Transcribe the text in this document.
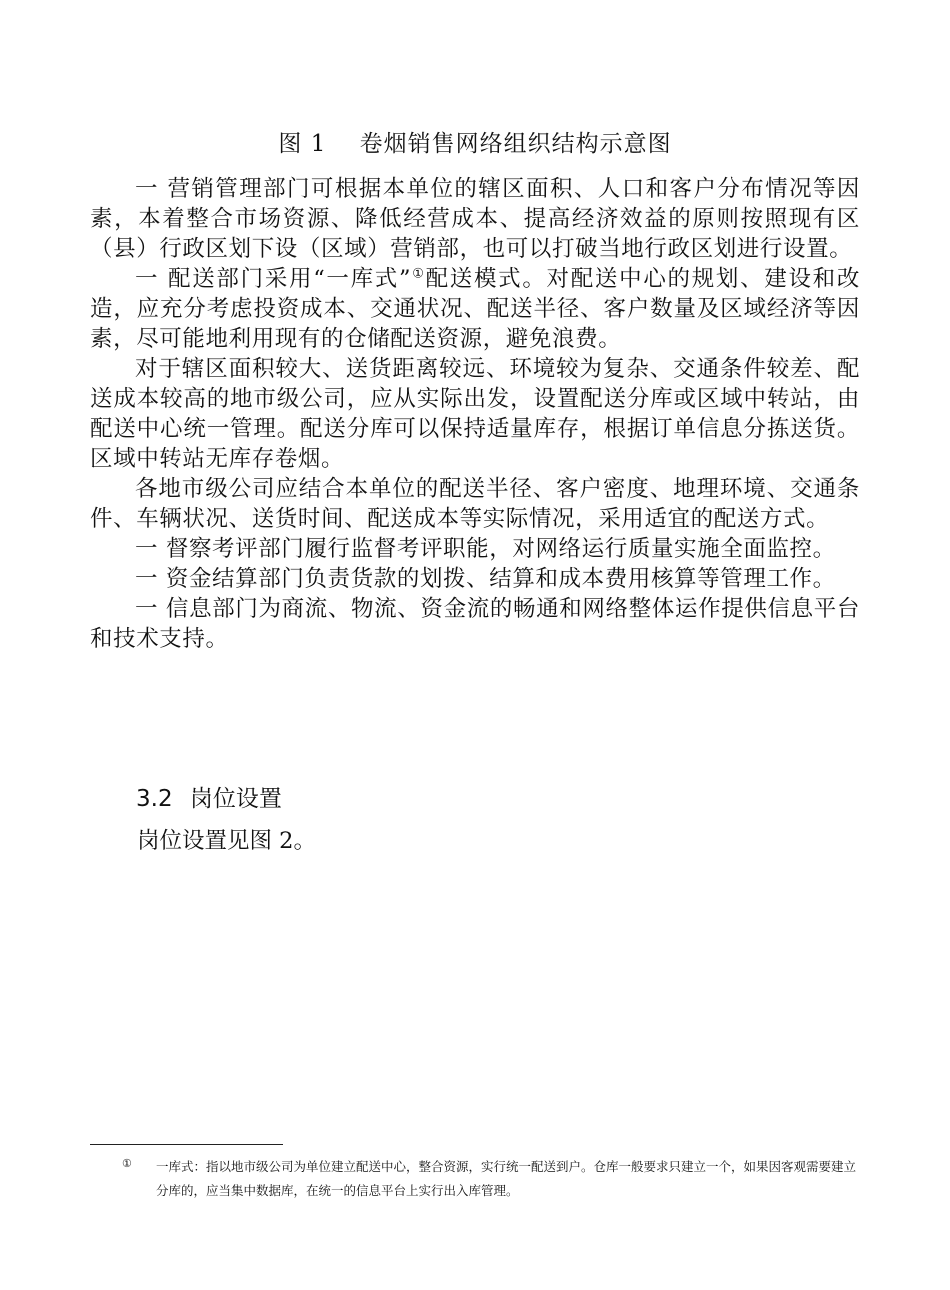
图 1 卷烟销售网络组织结构示意图

一 营销管理部门可根据本单位的辖区面积、人口和客户分布情况等因素，本着整合市场资源、降低经营成本、提高经济效益的原则按照现有区（县）行政区划下设（区域）营销部，也可以打破当地行政区划进行设置。

一 配送部门采用“一库式”①配送模式。对配送中心的规划、建设和改造，应充分考虑投资成本、交通状况、配送半径、客户数量及区域经济等因素，尽可能地利用现有的仓储配送资源，避免浪费。

对于辖区面积较大、送货距离较远、环境较为复杂、交通条件较差、配送成本较高的地市级公司，应从实际出发，设置配送分库或区域中转站，由配送中心统一管理。配送分库可以保持适量库存，根据订单信息分拣送货。区域中转站无库存卷烟。

各地市级公司应结合本单位的配送半径、客户密度、地理环境、交通条件、车辆状况、送货时间、配送成本等实际情况，采用适宜的配送方式。

一 督察考评部门履行监督考评职能，对网络运行质量实施全面监控。

一 资金结算部门负责货款的划拨、结算和成本费用核算等管理工作。

一 信息部门为商流、物流、资金流的畅通和网络整体运作提供信息平台和技术支持。

3.2 岗位设置
岗位设置见图 2。
① 一库式：指以地市级公司为单位建立配送中心，整合资源，实行统一配送到户。仓库一般要求只建立一个，如果因客观需要建立分库的，应当集中数据库，在统一的信息平台上实行出入库管理。
